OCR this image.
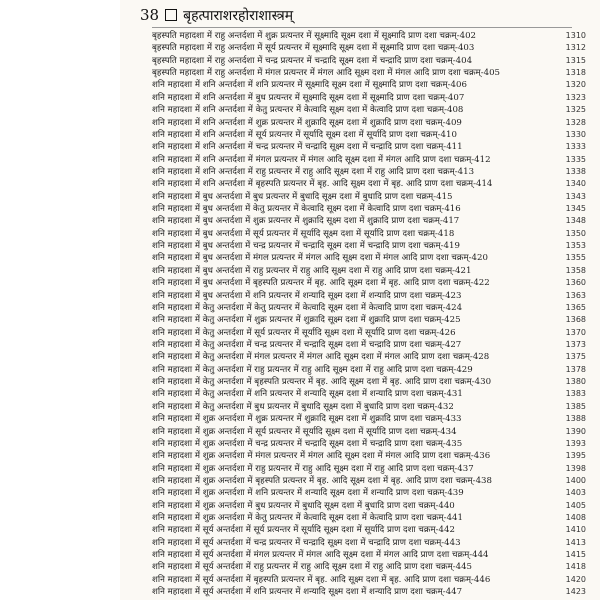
38 बृहत्पाराशरहोराशास्त्रम्
बृहस्पति महादशा में राहु अन्तर्दशा में शुक्र प्रत्यन्तर में सूक्ष्मादि सूक्ष्म दशा में सूक्ष्मादि प्राण दशा चक्रम्-402	1310
बृहस्पति महादशा में राहु अन्तर्दशा में सूर्य प्रत्यन्तर में सूक्ष्मादि सूक्ष्म दशा में सूक्ष्मादि प्राण दशा चक्रम्-403	1312
बृहस्पति महादशा में राहु अन्तर्दशा में चन्द्र प्रत्यन्तर में चन्द्रादि सूक्ष्म दशा में चन्द्रादि प्राण दशा चक्रम्-404	1315
बृहस्पति महादशा में राहु अन्तर्दशा में मंगल प्रत्यन्तर में मंगल आदि सूक्ष्म दशा में मंगल आदि प्राण दशा चक्रम्-405	1318
शनि महादशा में शनि अन्तर्दशा में शनि प्रत्यन्तर में सूक्ष्मादि सूक्ष्म दशा में सूक्ष्मादि प्राण दशा चक्रम्-406	1320
शनि महादशा में शनि अन्तर्दशा में बुध प्रत्यन्तर में सूक्ष्मादि सूक्ष्म दशा में सूक्ष्मादि प्राण दशा चक्रम्-407	1323
शनि महादशा में शनि अन्तर्दशा में केतु प्रत्यन्तर में केत्वादि सूक्ष्म दशा में केत्वादि प्राण दशा चक्रम्-408	1325
शनि महादशा में शनि अन्तर्दशा में शुक्र प्रत्यन्तर में शुक्रादि सूक्ष्म दशा में शुक्रादि प्राण दशा चक्रम्-409	1328
शनि महादशा में शनि अन्तर्दशा में सूर्य प्रत्यन्तर में सूर्यादि सूक्ष्म दशा में सूर्यादि प्राण दशा चक्रम्-410	1330
शनि महादशा में शनि अन्तर्दशा में चन्द्र प्रत्यन्तर में चन्द्रादि सूक्ष्म दशा में चन्द्रादि प्राण दशा चक्रम्-411	1333
शनि महादशा में शनि अन्तर्दशा में मंगल प्रत्यन्तर में मंगल आदि सूक्ष्म दशा में मंगल आदि प्राण दशा चक्रम्-412	1335
शनि महादशा में शनि अन्तर्दशा में राहु प्रत्यन्तर में राहु आदि सूक्ष्म दशा में राहु आदि प्राण दशा चक्रम्-413	1338
शनि महादशा में शनि अन्तर्दशा में बृहस्पति प्रत्यन्तर में बृह. आदि सूक्ष्म दशा में बृह. आदि प्राण दशा चक्रम्-414	1340
शनि महादशा में बुध अन्तर्दशा में बुध प्रत्यन्तर में बुधादि सूक्ष्म दशा में बुधादि प्राण दशा चक्रम्-415	1343
शनि महादशा में बुध अन्तर्दशा में केतु प्रत्यन्तर में केत्वादि सूक्ष्म दशा में केत्वादि प्राण दशा चक्रम्-416	1345
शनि महादशा में बुध अन्तर्दशा में शुक्र प्रत्यन्तर में शुक्रादि सूक्ष्म दशा में शुक्रादि प्राण दशा चक्रम्-417	1348
शनि महादशा में बुध अन्तर्दशा में सूर्य प्रत्यन्तर में सूर्यादि सूक्ष्म दशा में सूर्यादि प्राण दशा चक्रम्-418	1350
शनि महादशा में बुध अन्तर्दशा में चन्द्र प्रत्यन्तर में चन्द्रादि सूक्ष्म दशा में चन्द्रादि प्राण दशा चक्रम्-419	1353
शनि महादशा में बुध अन्तर्दशा में मंगल प्रत्यन्तर में मंगल आदि सूक्ष्म दशा में मंगल आदि प्राण दशा चक्रम्-420	1355
शनि महादशा में बुध अन्तर्दशा में राहु प्रत्यन्तर में राहु आदि सूक्ष्म दशा में राहु आदि प्राण दशा चक्रम्-421	1358
शनि महादशा में बुध अन्तर्दशा में बृहस्पति प्रत्यन्तर में बृह. आदि सूक्ष्म दशा में बृह. आदि प्राण दशा चक्रम्-422	1360
शनि महादशा में बुध अन्तर्दशा में शनि प्रत्यन्तर में शन्यादि सूक्ष्म दशा में शन्यादि प्राण दशा चक्रम्-423	1363
शनि महादशा में केतु अन्तर्दशा में केतु प्रत्यन्तर में केत्वादि सूक्ष्म दशा में केत्वादि प्राण दशा चक्रम्-424	1365
शनि महादशा में केतु अन्तर्दशा में शुक्र प्रत्यन्तर में शुक्रादि सूक्ष्म दशा में शुक्रादि प्राण दशा चक्रम्-425	1368
शनि महादशा में केतु अन्तर्दशा में सूर्य प्रत्यन्तर में सूर्यादि सूक्ष्म दशा में सूर्यादि प्राण दशा चक्रम्-426	1370
शनि महादशा में केतु अन्तर्दशा में चन्द्र प्रत्यन्तर में चन्द्रादि सूक्ष्म दशा में चन्द्रादि प्राण दशा चक्रम्-427	1373
शनि महादशा में केतु अन्तर्दशा में मंगल प्रत्यन्तर में मंगल आदि सूक्ष्म दशा में मंगल आदि प्राण दशा चक्रम्-428	1375
शनि महादशा में केतु अन्तर्दशा में राहु प्रत्यन्तर में राहु आदि सूक्ष्म दशा में राहु आदि प्राण दशा चक्रम्-429	1378
शनि महादशा में केतु अन्तर्दशा में बृहस्पति प्रत्यन्तर में बृह. आदि सूक्ष्म दशा में बृह. आदि प्राण दशा चक्रम्-430	1380
शनि महादशा में केतु अन्तर्दशा में शनि प्रत्यन्तर में शन्यादि सूक्ष्म दशा में शन्यादि प्राण दशा चक्रम्-431	1383
शनि महादशा में केतु अन्तर्दशा में बुध प्रत्यन्तर में बुधादि सूक्ष्म दशा में बुधादि प्राण दशा चक्रम्-432	1385
शनि महादशा में शुक्र अन्तर्दशा में शुक्र प्रत्यन्तर में शुक्रादि सूक्ष्म दशा में शुक्रादि प्राण दशा चक्रम्-433	1388
शनि महादशा में शुक्र अन्तर्दशा में सूर्य प्रत्यन्तर में सूर्यादि सूक्ष्म दशा में सूर्यादि प्राण दशा चक्रम्-434	1390
शनि महादशा में शुक्र अन्तर्दशा में चन्द्र प्रत्यन्तर में चन्द्रादि सूक्ष्म दशा में चन्द्रादि प्राण दशा चक्रम्-435	1393
शनि महादशा में शुक्र अन्तर्दशा में मंगल प्रत्यन्तर में मंगल आदि सूक्ष्म दशा में मंगल आदि प्राण दशा चक्रम्-436	1395
शनि महादशा में शुक्र अन्तर्दशा में राहु प्रत्यन्तर में राहु आदि सूक्ष्म दशा में राहु आदि प्राण दशा चक्रम्-437	1398
शनि महादशा में शुक्र अन्तर्दशा में बृहस्पति प्रत्यन्तर में बृह. आदि सूक्ष्म दशा में बृह. आदि प्राण दशा चक्रम्-438	1400
शनि महादशा में शुक्र अन्तर्दशा में शनि प्रत्यन्तर में शन्यादि सूक्ष्म दशा में शन्यादि प्राण दशा चक्रम्-439	1403
शनि महादशा में शुक्र अन्तर्दशा में बुध प्रत्यन्तर में बुधादि सूक्ष्म दशा में बुधादि प्राण दशा चक्रम्-440	1405
शनि महादशा में शुक्र अन्तर्दशा में केतु प्रत्यन्तर में केत्वादि सूक्ष्म दशा में केत्वादि प्राण दशा चक्रम्-441	1408
शनि महादशा में सूर्य अन्तर्दशा में सूर्य प्रत्यन्तर में सूर्यादि सूक्ष्म दशा में सूर्यादि प्राण दशा चक्रम्-442	1410
शनि महादशा में सूर्य अन्तर्दशा में चन्द्र प्रत्यन्तर में चन्द्रादि सूक्ष्म दशा में चन्द्रादि प्राण दशा चक्रम्-443	1413
शनि महादशा में सूर्य अन्तर्दशा में मंगल प्रत्यन्तर में मंगल आदि सूक्ष्म दशा में मंगल आदि प्राण दशा चक्रम्-444	1415
शनि महादशा में सूर्य अन्तर्दशा में राहु प्रत्यन्तर में राहु आदि सूक्ष्म दशा में राहु आदि प्राण दशा चक्रम्-445	1418
शनि महादशा में सूर्य अन्तर्दशा में बृहस्पति प्रत्यन्तर में बृह. आदि सूक्ष्म दशा में बृह. आदि प्राण दशा चक्रम्-446	1420
शनि महादशा में सूर्य अन्तर्दशा में शनि प्रत्यन्तर में शन्यादि सूक्ष्म दशा में शन्यादि प्राण दशा चक्रम्-447	1423
